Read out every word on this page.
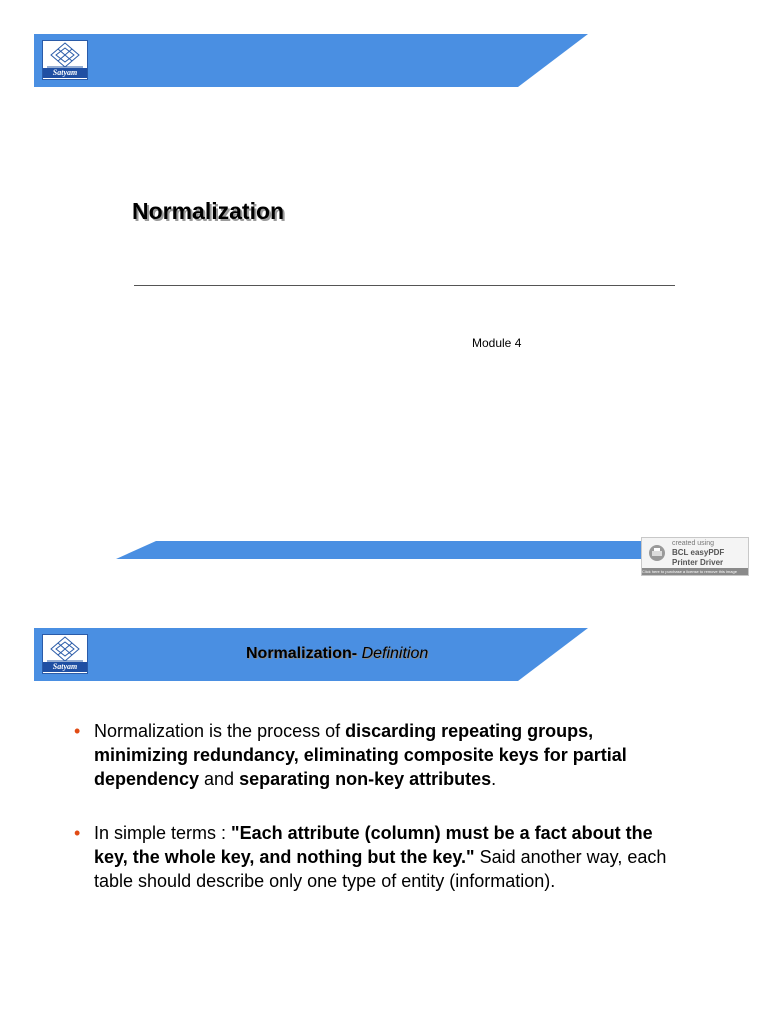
Satyam
Normalization
Module 4
created using
BCL easyPDF
Printer Driver
Click here to purchase a license to remove this image
Satyam
Normalization- Definition
• Normalization is the process of discarding repeating groups, minimizing redundancy, eliminating composite keys for partial dependency and separating non-key attributes.
• In simple terms : "Each attribute (column) must be a fact about the key, the whole key, and nothing but the key." Said another way, each table should describe only one type of entity (information).
